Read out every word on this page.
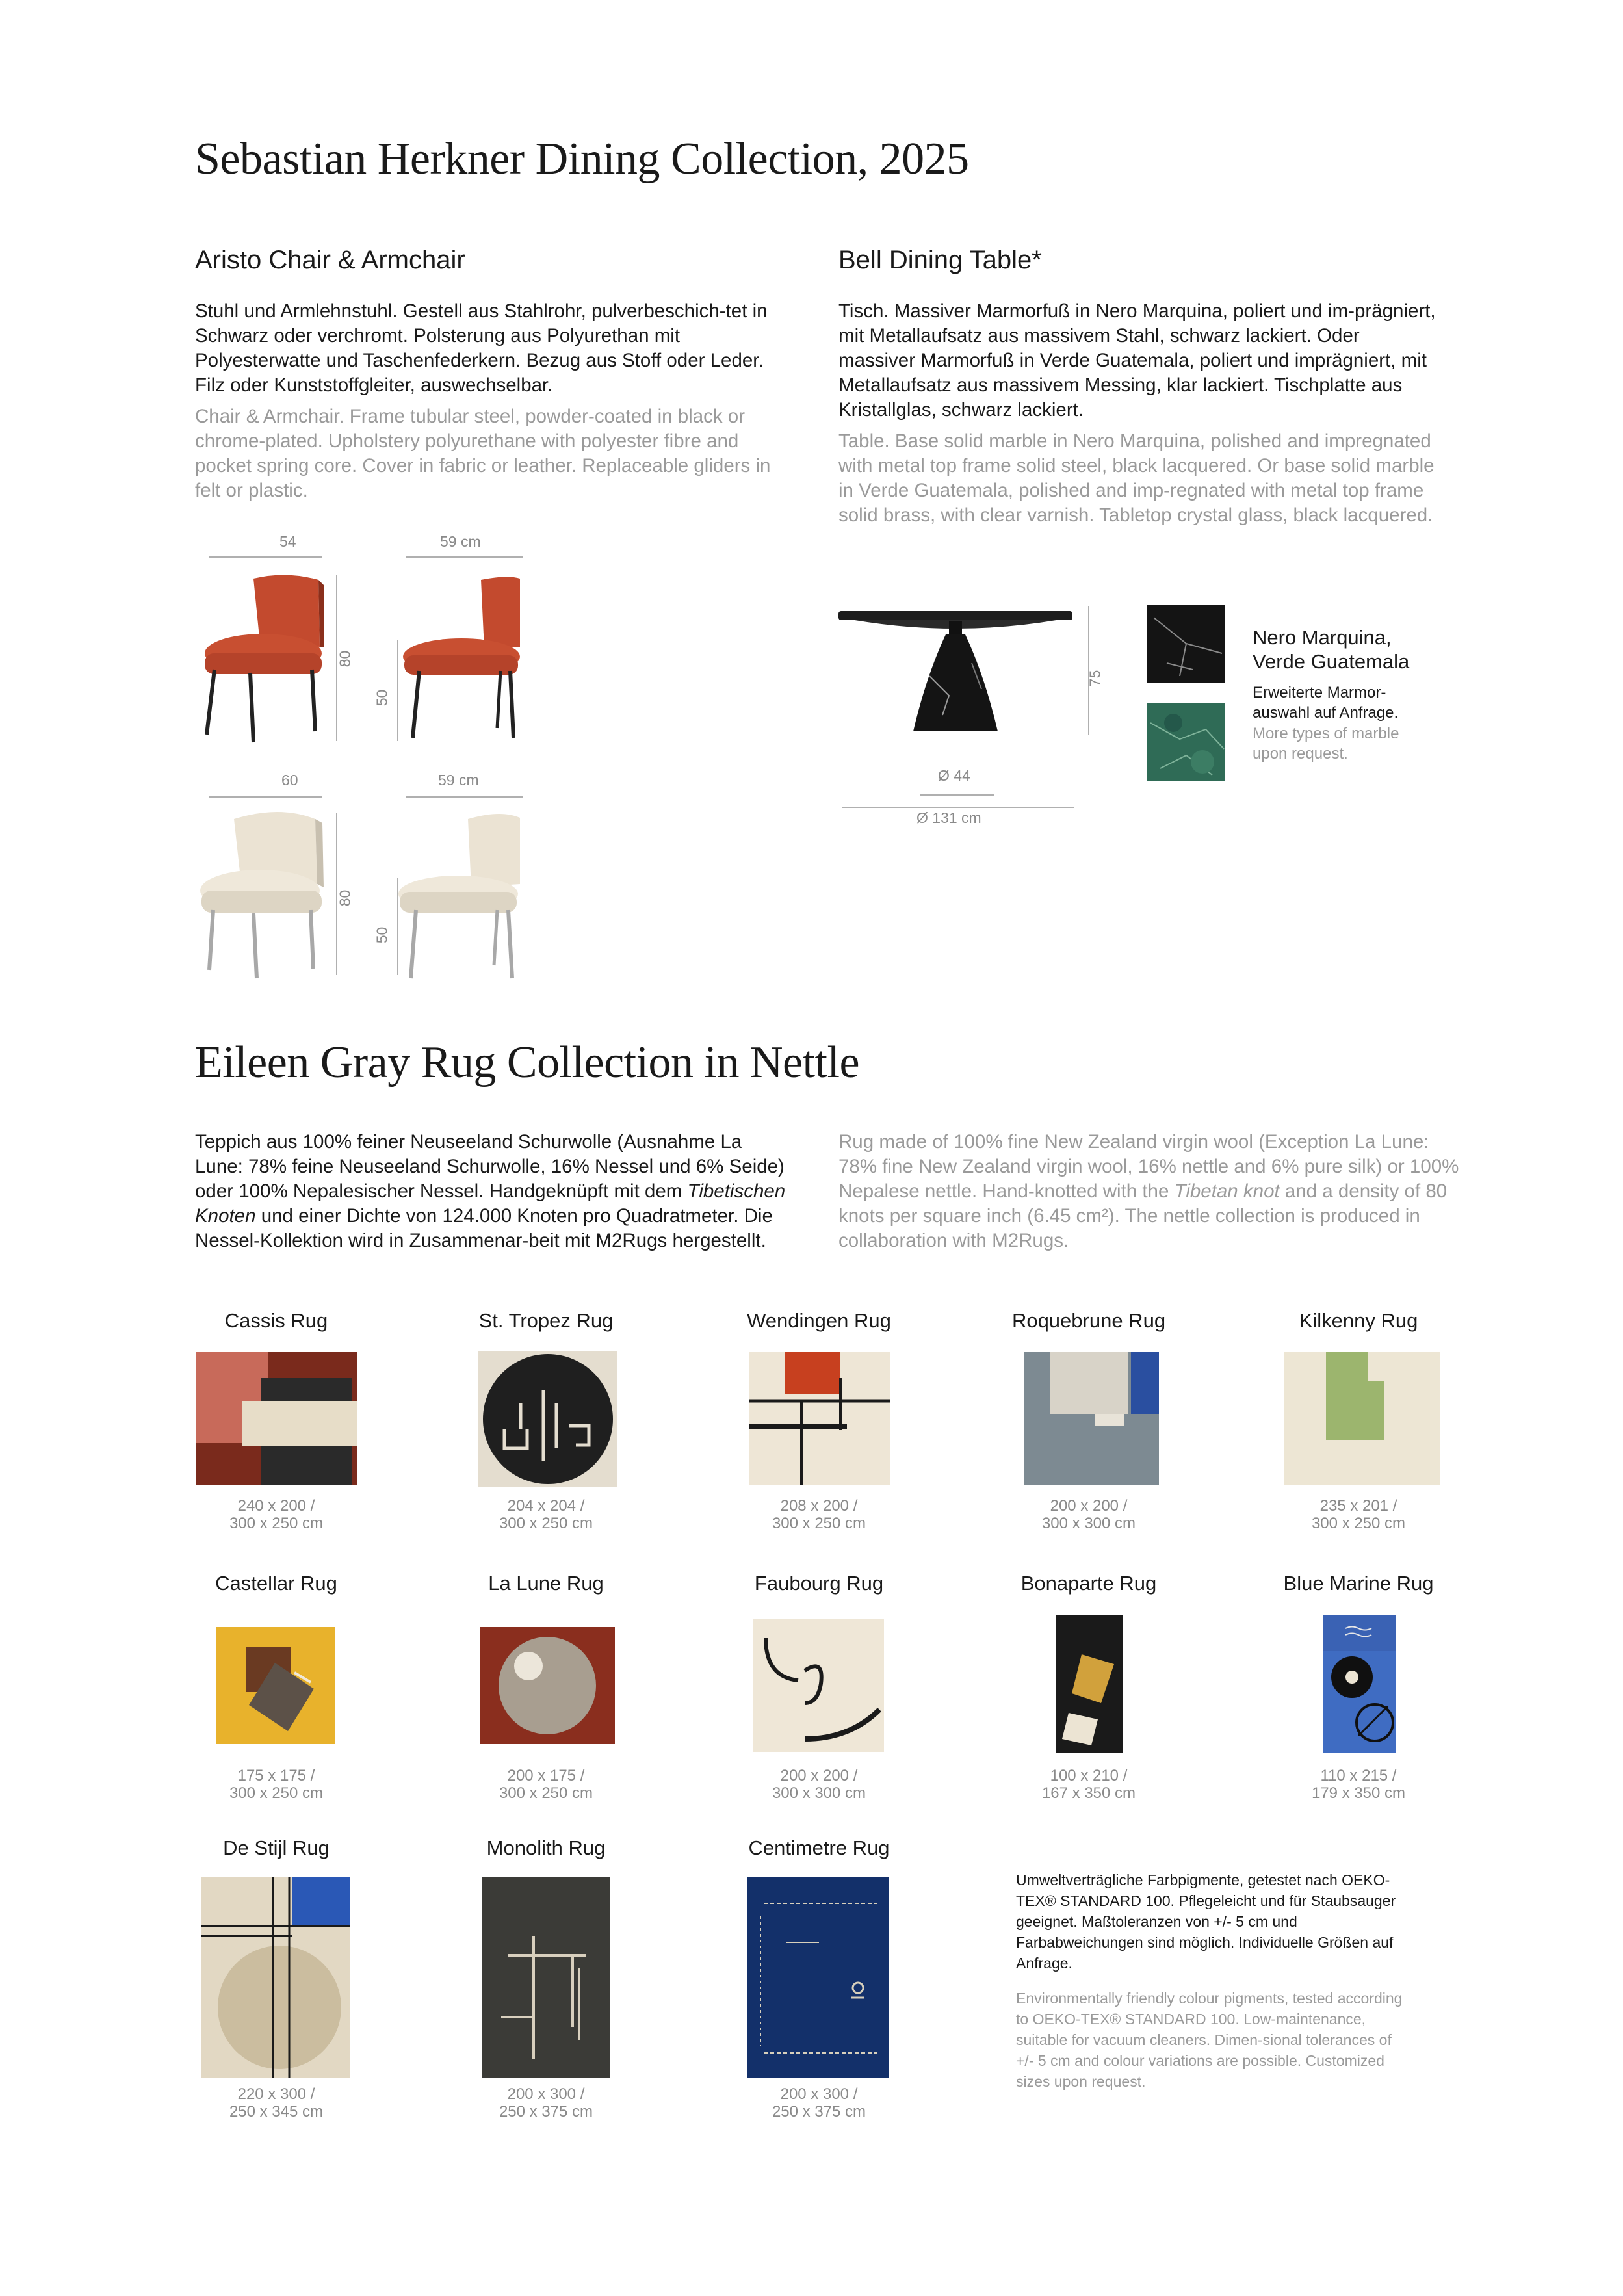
Sebastian Herkner Dining Collection, 2025
Aristo Chair & Armchair

Stuhl und Armlehnstuhl. Gestell aus Stahlrohr, pulverbeschich-tet in Schwarz oder verchromt. Polsterung aus Polyurethan mit Polyesterwatte und Taschenfederkern. Bezug aus Stoff oder Leder. Filz oder Kunststoffgleiter, auswechselbar.

Chair & Armchair. Frame tubular steel, powder-coated in black or chrome-plated. Upholstery polyurethane with polyester fibre and pocket spring core. Cover in fabric or leather. Replaceable gliders in felt or plastic.

Bell Dining Table*

Tisch. Massiver Marmorfuß in Nero Marquina, poliert und im-prägniert, mit Metallaufsatz aus massivem Stahl, schwarz lackiert. Oder massiver Marmorfuß in Verde Guatemala, poliert und imprägniert, mit Metallaufsatz aus massivem Messing, klar lackiert. Tischplatte aus Kristallglas, schwarz lackiert.

Table. Base solid marble in Nero Marquina, polished and impregnated with metal top frame solid steel, black lacquered. Or base solid marble in Verde Guatemala, polished and imp-regnated with metal top frame solid brass, with clear varnish. Tabletop crystal glass, black lacquered.

54	59 cm
80
50
60	59 cm
80
50
75
Ø 44
Ø 131 cm
Nero Marquina,
Verde Guatemala
Erweiterte Marmor-
auswahl auf Anfrage.
More types of marble
upon request.
Eileen Gray Rug Collection in Nettle

Teppich aus 100% feiner Neuseeland Schurwolle (Ausnahme La Lune: 78% feine Neuseeland Schurwolle, 16% Nessel und 6% Seide) oder 100% Nepalesischer Nessel. Handgeknüpft mit dem Tibetischen Knoten und einer Dichte von 124.000 Knoten pro Quadratmeter. Die Nessel-Kollektion wird in Zusammenar-beit mit M2Rugs hergestellt.

Rug made of 100% fine New Zealand virgin wool (Exception La Lune: 78% fine New Zealand virgin wool, 16% nettle and 6% pure silk) or 100% Nepalese nettle. Hand-knotted with the Tibetan knot and a density of 80 knots per square inch (6.45 cm²). The nettle collection is produced in collaboration with M2Rugs.

Cassis Rug
240 x 200 /
300 x 250 cm
St. Tropez Rug
204 x 204 /
300 x 250 cm
Wendingen Rug
208 x 200 /
300 x 250 cm
Roquebrune Rug
200 x 200 /
300 x 300 cm
Kilkenny Rug
235 x 201 /
300 x 250 cm
Castellar Rug
175 x 175 /
300 x 250 cm
La Lune Rug
200 x 175 /
300 x 250 cm
Faubourg Rug
200 x 200 /
300 x 300 cm
Bonaparte Rug
100 x 210 /
167 x 350 cm
Blue Marine Rug
110 x 215 /
179 x 350 cm
De Stijl Rug
220 x 300 /
250 x 345 cm
Monolith Rug
200 x 300 /
250 x 375 cm
Centimetre Rug
200 x 300 /
250 x 375 cm

Umweltverträgliche Farbpigmente, getestet nach OEKO-TEX® STANDARD 100. Pflegeleicht und für Staubsauger geeignet. Maßtoleranzen von +/- 5 cm und Farbabweichungen sind möglich. Individuelle Größen auf Anfrage.

Environmentally friendly colour pigments, tested according to OEKO-TEX® STANDARD 100. Low-maintenance, suitable for vacuum cleaners. Dimen-sional tolerances of +/- 5 cm and colour variations are possible. Customized sizes upon request.
